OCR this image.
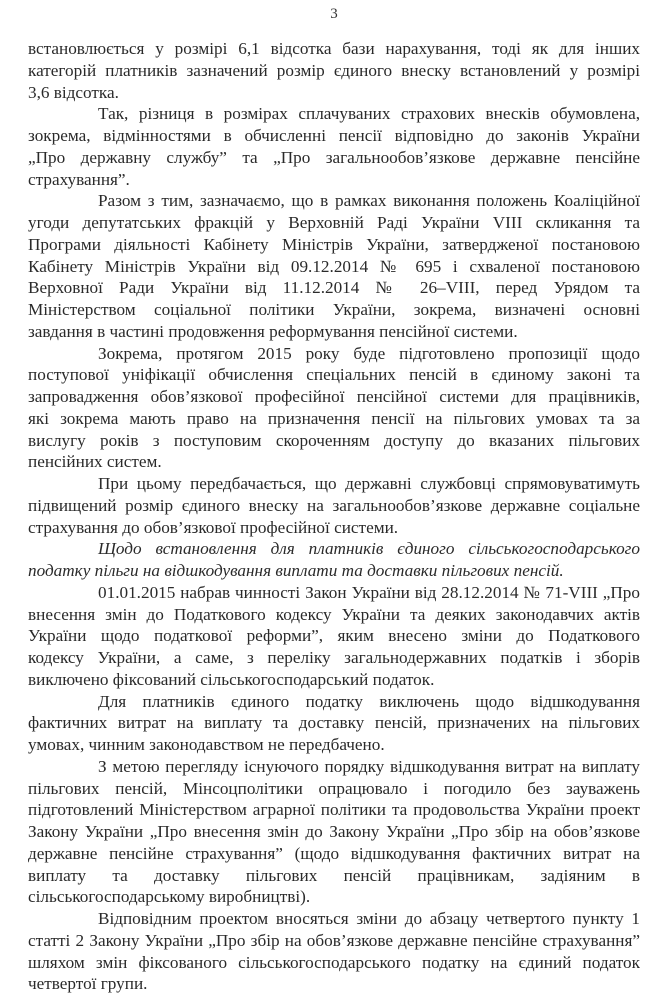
3
встановлюється у розмірі 6,1 відсотка бази нарахування, тоді як для інших
категорій платників зазначений розмір єдиного внеску встановлений у розмірі
3,6 відсотка.
Так, різниця в розмірах сплачуваних страхових внесків обумовлена,
зокрема, відмінностями в обчисленні пенсії відповідно до законів України
„Про державну службу” та „Про загальнообов’язкове державне пенсійне
страхування”.
Разом з тим, зазначаємо, що в рамках виконання положень Коаліційної
угоди депутатських фракцій у Верховній Раді України VIII скликання та
Програми діяльності Кабінету Міністрів України, затвердженої постановою
Кабінету Міністрів України від 09.12.2014 № 695 і схваленої постановою
Верховної Ради України від 11.12.2014 № 26–VIII, перед Урядом та
Міністерством соціальної політики України, зокрема, визначені основні
завдання в частині продовження реформування пенсійної системи.
Зокрема, протягом 2015 року буде підготовлено пропозиції щодо
поступової уніфікації обчислення спеціальних пенсій в єдиному законі та
запровадження обов’язкової професійної пенсійної системи для працівників,
які зокрема мають право на призначення пенсії на пільгових умовах та за
вислугу років з поступовим скороченням доступу до вказаних пільгових
пенсійних систем.
При цьому передбачається, що державні службовці спрямовуватимуть
підвищений розмір єдиного внеску на загальнообов’язкове державне соціальне
страхування до обов’язкової професійної системи.
Щодо встановлення для платників єдиного сільськогосподарського
податку пільги на відшкодування виплати та доставки пільгових пенсій.
01.01.2015 набрав чинності Закон України від 28.12.2014 № 71-VIII „Про
внесення змін до Податкового кодексу України та деяких законодавчих актів
України щодо податкової реформи”, яким внесено зміни до Податкового
кодексу України, а саме, з переліку загальнодержавних податків і зборів
виключено фіксований сільськогосподарський податок.
Для платників єдиного податку виключень щодо відшкодування
фактичних витрат на виплату та доставку пенсій, призначених на пільгових
умовах, чинним законодавством не передбачено.
З метою перегляду існуючого порядку відшкодування витрат на виплату
пільгових пенсій, Мінсоцполітики опрацювало і погодило без зауважень
підготовлений Міністерством аграрної політики та продовольства України проект
Закону України „Про внесення змін до Закону України „Про збір на обов’язкове
державне пенсійне страхування” (щодо відшкодування фактичних витрат на
виплату та доставку пільгових пенсій працівникам, задіяним в
сільськогосподарському виробництві).
Відповідним проектом вносяться зміни до абзацу четвертого пункту 1
статті 2 Закону України „Про збір на обов’язкове державне пенсійне страхування”
шляхом змін фіксованого сільськогосподарського податку на єдиний податок
четвертої групи.
